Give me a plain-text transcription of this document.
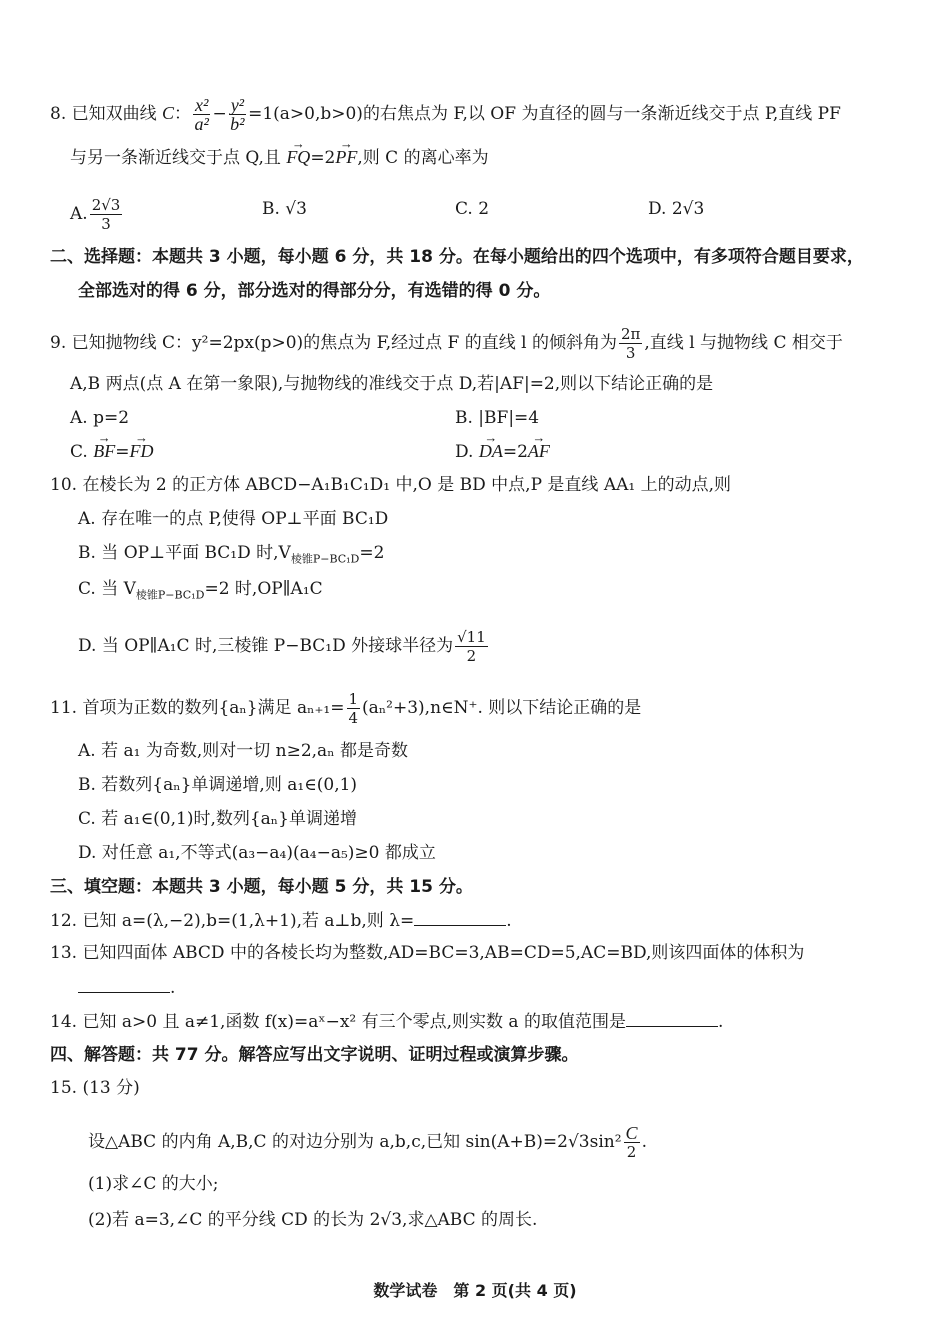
8. 已知双曲线 C： $\frac{\text{x²}}{\text{a²}} - \frac{\text{y²}}{\text{b²}} =1(a>0,b>0)$的右焦点为 F,以 OF 为直径的圆与一条渐近线交于点 P,直线 PF
与另一条渐近线交于点 Q,且 → FQ=2→ PF,则 C 的离心率为
A. $\frac{2√3}{3}$	B. √3	C. 2	D. 2√3
二、选择题：本题共 3 小题，每小题 6 分，共 18 分。在每小题给出的四个选项中，有多项符合题目要求，
全部选对的得 6 分，部分选对的得部分分，有选错的得 0 分。
9. 已知抛物线 C：y²=2px(p>0)的焦点为 F,经过点 F 的直线 l 的倾斜角为 $\frac{2\pi}{3}$ ,直线 l 与抛物线 C 相交于
A,B 两点(点 A 在第一象限),与抛物线的准线交于点 D,若|AF|=2,则以下结论正确的是
A. p=2	B. |BF|=4
C. → BF=→ FD	D. → DA=2→ AF
10. 在棱长为 2 的正方体 ABCD−A₁B₁C₁D₁ 中,O 是 BD 中点,P 是直线 AA₁ 上的动点,则
A. 存在唯一的点 P,使得 OP⊥平面 BC₁D
B. 当 OP⊥平面 BC₁D 时$,V_{棱锥P-BC_1D}=2$
C. 当 $V_{棱锥P-BC_1D}=2$ 时,OP∥A₁C
D. 当 OP∥A₁C 时,三棱锥 P−BC₁D 外接球半径为 $\frac{√11}{2}$
11. 首项为正数的数列{aₙ}满足 $a_{n+1}= \frac{1}{4}$ (aₙ²+3),n∈N⁺. 则以下结论正确的是
A. 若 a₁ 为奇数,则对一切 n≥2,aₙ 都是奇数
B. 若数列{aₙ}单调递增,则 a₁∈(0,1)
C. 若 a₁∈(0,1)时,数列{aₙ}单调递增
D. 对任意 a₁,不等式(a₃−a₄)(a₄−a₅)≥0 都成立
三、填空题：本题共 3 小题，每小题 5 分，共 15 分。
12. 已知 a=(λ,−2),b=(1,λ+1),若 a⊥b,则 λ=	.
13. 已知四面体 ABCD 中的各棱长均为整数,AD=BC=3,AB=CD=5,AC=BD,则该四面体的体积为
.
14. 已知 a>0 且 a≠1,函数 f(x)=aˣ−x² 有三个零点,则实数 a 的取值范围是	.
四、解答题：共 77 分。解答应写出文字说明、证明过程或演算步骤。
15. (13 分)
设△ABC 的内角 A,B,C 的对边分别为 a,b,c,已知 $\sin(A+B)=2√3\sin^2 \frac{C}{2}$ .
(1)求∠C 的大小;
(2)若 a=3,∠C 的平分线 CD 的长为 2√3,求△ABC 的周长.
数学试卷　第 2 页(共 4 页)
